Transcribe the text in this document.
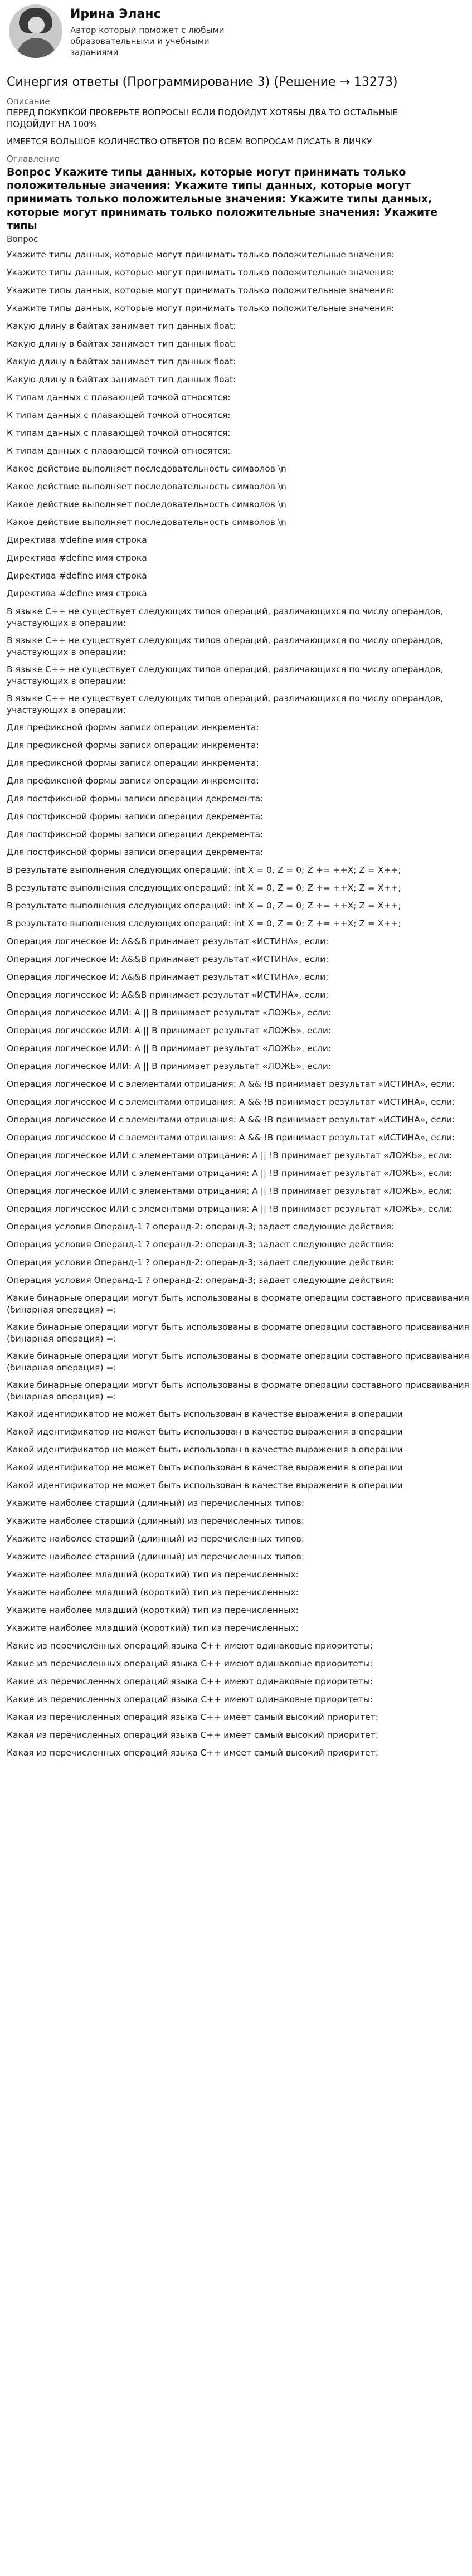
Ирина Эланс
Автор который поможет с любыми образовательными и учебными заданиями
Синергия ответы (Программирование 3) (Решение → 13273)
Описание

ПЕРЕД ПОКУПКОЙ ПРОВЕРЬТЕ ВОПРОСЫ! ЕСЛИ ПОДОЙДУТ ХОТЯБЫ ДВА ТО ОСТАЛЬНЫЕ ПОДОЙДУТ НА 100%

ИМЕЕТСЯ БОЛЬШОЕ КОЛИЧЕСТВО ОТВЕТОВ ПО ВСЕМ ВОПРОСАМ ПИСАТЬ В ЛИЧКУ

Оглавление
Вопрос Укажите типы данных, которые могут принимать только положительные значения: Укажите типы данных, которые могут принимать только положительные значения: Укажите типы данных, которые могут принимать только положительные значения: Укажите типы
Вопрос
Укажите типы данных, которые могут принимать только положительные значения:
Укажите типы данных, которые могут принимать только положительные значения:
Укажите типы данных, которые могут принимать только положительные значения:
Укажите типы данных, которые могут принимать только положительные значения:
Какую длину в байтах занимает тип данных float:
Какую длину в байтах занимает тип данных float:
Какую длину в байтах занимает тип данных float:
Какую длину в байтах занимает тип данных float:
К типам данных с плавающей точкой относятся:
К типам данных с плавающей точкой относятся:
К типам данных с плавающей точкой относятся:
К типам данных с плавающей точкой относятся:
Какое действие выполняет последовательность символов \n
Какое действие выполняет последовательность символов \n
Какое действие выполняет последовательность символов \n
Какое действие выполняет последовательность символов \n
Директива #define имя строка
Директива #define имя строка
Директива #define имя строка
Директива #define имя строка
В языке C++ не существует следующих типов операций, различающихся по числу операндов, участвующих в операции:
В языке C++ не существует следующих типов операций, различающихся по числу операндов, участвующих в операции:
В языке C++ не существует следующих типов операций, различающихся по числу операндов, участвующих в операции:
В языке C++ не существует следующих типов операций, различающихся по числу операндов, участвующих в операции:
Для префиксной формы записи операции инкремента:
Для префиксной формы записи операции инкремента:
Для префиксной формы записи операции инкремента:
Для префиксной формы записи операции инкремента:
Для постфиксной формы записи операции декремента:
Для постфиксной формы записи операции декремента:
Для постфиксной формы записи операции декремента:
Для постфиксной формы записи операции декремента:
В результате выполнения следующих операций: int X = 0, Z = 0; Z += ++X; Z = X++;
В результате выполнения следующих операций: int X = 0, Z = 0; Z += ++X; Z = X++;
В результате выполнения следующих операций: int X = 0, Z = 0; Z += ++X; Z = X++;
В результате выполнения следующих операций: int X = 0, Z = 0; Z += ++X; Z = X++;
Операция логическое И: A&&B принимает результат «ИСТИНА», если:
Операция логическое И: A&&B принимает результат «ИСТИНА», если:
Операция логическое И: A&&B принимает результат «ИСТИНА», если:
Операция логическое И: A&&B принимает результат «ИСТИНА», если:
Операция логическое ИЛИ: A || B принимает результат «ЛОЖЬ», если:
Операция логическое ИЛИ: A || B принимает результат «ЛОЖЬ», если:
Операция логическое ИЛИ: A || B принимает результат «ЛОЖЬ», если:
Операция логическое ИЛИ: A || B принимает результат «ЛОЖЬ», если:
Операция логическое И с элементами отрицания: A && !B принимает результат «ИСТИНА», если:
Операция логическое И с элементами отрицания: A && !B принимает результат «ИСТИНА», если:
Операция логическое И с элементами отрицания: A && !B принимает результат «ИСТИНА», если:
Операция логическое И с элементами отрицания: A && !B принимает результат «ИСТИНА», если:
Операция логическое ИЛИ с элементами отрицания: A || !B принимает результат «ЛОЖЬ», если:
Операция логическое ИЛИ с элементами отрицания: A || !B принимает результат «ЛОЖЬ», если:
Операция логическое ИЛИ с элементами отрицания: A || !B принимает результат «ЛОЖЬ», если:
Операция логическое ИЛИ с элементами отрицания: A || !B принимает результат «ЛОЖЬ», если:
Операция условия Операнд-1 ? операнд-2: операнд-3; задает следующие действия:
Операция условия Операнд-1 ? операнд-2: операнд-3; задает следующие действия:
Операция условия Операнд-1 ? операнд-2: операнд-3; задает следующие действия:
Операция условия Операнд-1 ? операнд-2: операнд-3; задает следующие действия:
Какие бинарные операции могут быть использованы в формате операции составного присваивания (бинарная операция) =:
Какие бинарные операции могут быть использованы в формате операции составного присваивания (бинарная операция) =:
Какие бинарные операции могут быть использованы в формате операции составного присваивания (бинарная операция) =:
Какие бинарные операции могут быть использованы в формате операции составного присваивания (бинарная операция) =:
Какой идентификатор не может быть использован в качестве выражения в операции
Какой идентификатор не может быть использован в качестве выражения в операции
Какой идентификатор не может быть использован в качестве выражения в операции
Какой идентификатор не может быть использован в качестве выражения в операции
Какой идентификатор не может быть использован в качестве выражения в операции
Укажите наиболее старший (длинный) из перечисленных типов:
Укажите наиболее старший (длинный) из перечисленных типов:
Укажите наиболее старший (длинный) из перечисленных типов:
Укажите наиболее старший (длинный) из перечисленных типов:
Укажите наиболее младший (короткий) тип из перечисленных:
Укажите наиболее младший (короткий) тип из перечисленных:
Укажите наиболее младший (короткий) тип из перечисленных:
Укажите наиболее младший (короткий) тип из перечисленных:
Какие из перечисленных операций языка C++ имеют одинаковые приоритеты:
Какие из перечисленных операций языка C++ имеют одинаковые приоритеты:
Какие из перечисленных операций языка C++ имеют одинаковые приоритеты:
Какие из перечисленных операций языка C++ имеют одинаковые приоритеты:
Какая из перечисленных операций языка C++ имеет самый высокий приоритет:
Какая из перечисленных операций языка C++ имеет самый высокий приоритет:
Какая из перечисленных операций языка C++ имеет самый высокий приоритет:
